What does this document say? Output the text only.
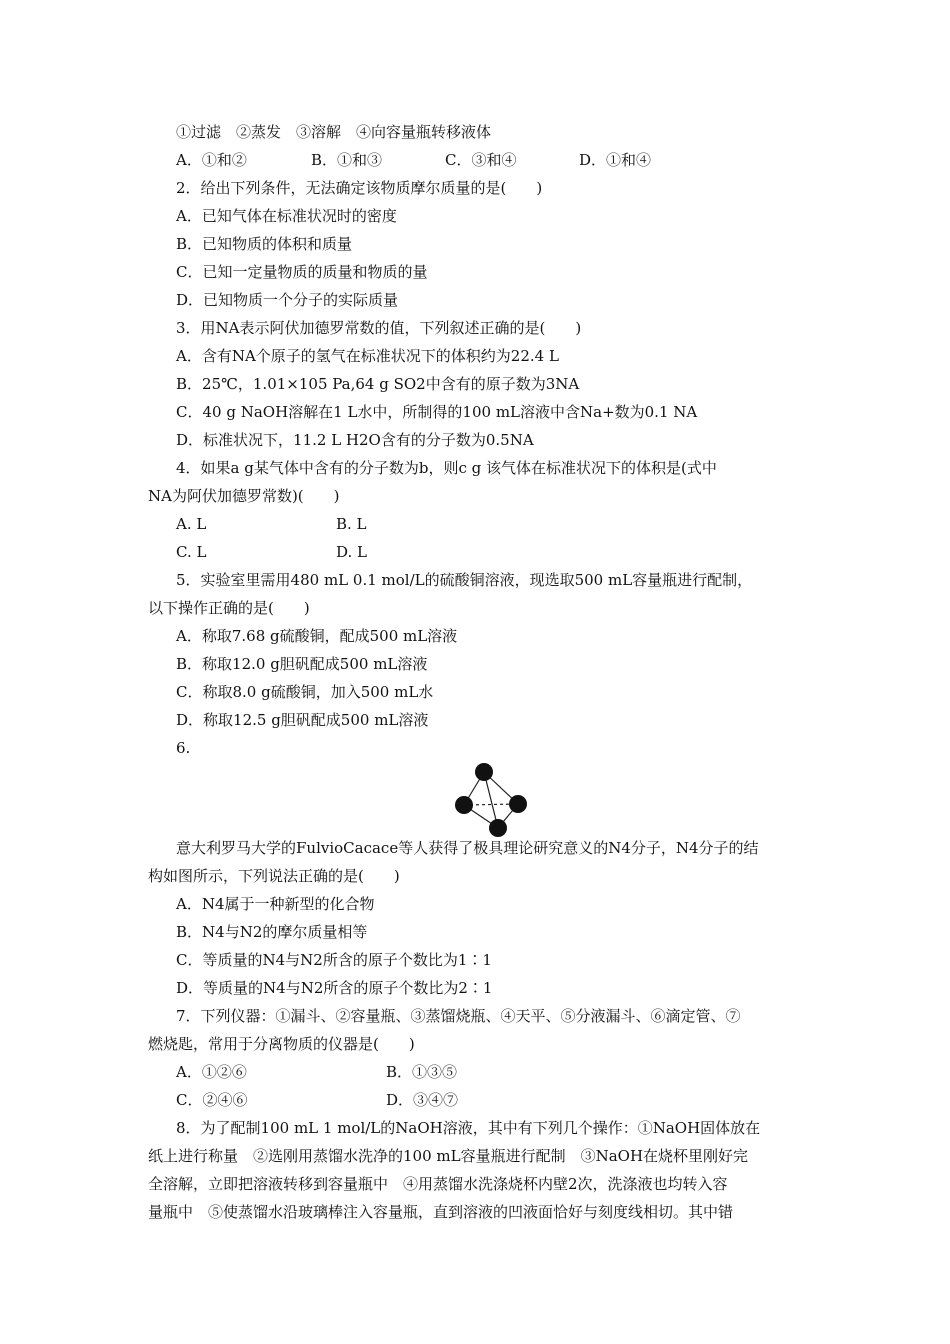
①过滤　②蒸发　③溶解　④向容量瓶转移液体
A．①和②	B．①和③	C．③和④	D．①和④
2．给出下列条件，无法确定该物质摩尔质量的是(　　)
A．已知气体在标准状况时的密度
B．已知物质的体积和质量
C．已知一定量物质的质量和物质的量
D．已知物质一个分子的实际质量
3．用NA表示阿伏加德罗常数的值，下列叙述正确的是(　　)
A．含有NA个原子的氢气在标准状况下的体积约为22.4 L
B．25℃，1.01×105 Pa,64 g SO2中含有的原子数为3NA
C．40 g NaOH溶解在1 L水中，所制得的100 mL溶液中含Na+数为0.1 NA
D．标准状况下，11.2 L H2O含有的分子数为0.5NA
4．如果a g某气体中含有的分子数为b，则c g 该气体在标准状况下的体积是(式中
NA为阿伏加德罗常数)(　　)
A. L	B. L
C. L	D. L
5．实验室里需用480 mL 0.1 mol/L的硫酸铜溶液，现选取500 mL容量瓶进行配制，
以下操作正确的是(　　)
A．称取7.68 g硫酸铜，配成500 mL溶液
B．称取12.0 g胆矾配成500 mL溶液
C．称取8.0 g硫酸铜，加入500 mL水
D．称取12.5 g胆矾配成500 mL溶液
6.
意大利罗马大学的FulvioCacace等人获得了极具理论研究意义的N4分子，N4分子的结
构如图所示，下列说法正确的是(　　)
A．N4属于一种新型的化合物
B．N4与N2的摩尔质量相等
C．等质量的N4与N2所含的原子个数比为1∶1
D．等质量的N4与N2所含的原子个数比为2∶1
7．下列仪器：①漏斗、②容量瓶、③蒸馏烧瓶、④天平、⑤分液漏斗、⑥滴定管、⑦
燃烧匙，常用于分离物质的仪器是(　　)
A．①②⑥	B．①③⑤
C．②④⑥	D．③④⑦
8．为了配制100 mL 1 mol/L的NaOH溶液，其中有下列几个操作：①NaOH固体放在
纸上进行称量　②选刚用蒸馏水洗净的100 mL容量瓶进行配制　③NaOH在烧杯里刚好完
全溶解，立即把溶液转移到容量瓶中　④用蒸馏水洗涤烧杯内壁2次，洗涤液也均转入容
量瓶中　⑤使蒸馏水沿玻璃棒注入容量瓶，直到溶液的凹液面恰好与刻度线相切。其中错
